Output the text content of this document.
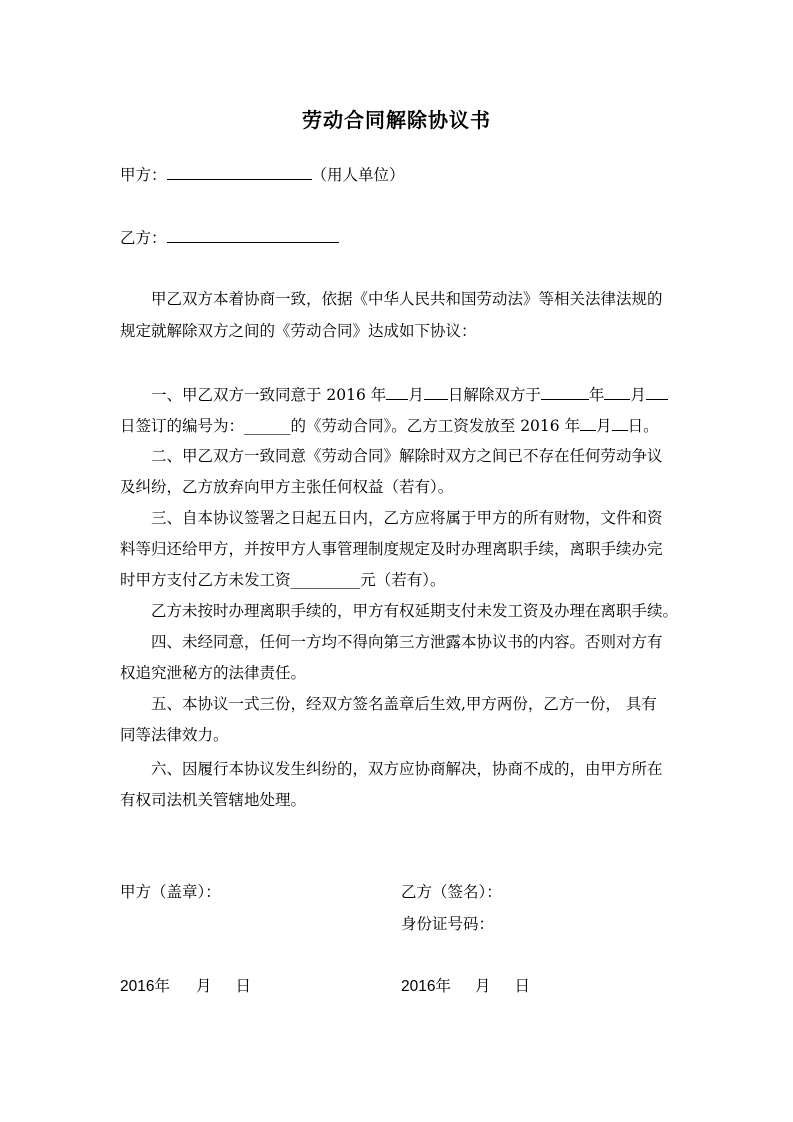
劳动合同解除协议书
甲方：	（用人单位）
乙方：
甲乙双方本着协商一致，依据《中华人民共和国劳动法》等相关法律法规的
规定就解除双方之间的《劳动合同》达成如下协议：
一、甲乙双方一致同意于 2016 年 月 日解除双方于	年 月
日签订的编号为：______的《劳动合同》。乙方工资发放至 2016 年 月 日。
二、甲乙双方一致同意《劳动合同》解除时双方之间已不存在任何劳动争议
及纠纷，乙方放弃向甲方主张任何权益（若有）。
三、自本协议签署之日起五日内，乙方应将属于甲方的所有财物，文件和资
料等归还给甲方，并按甲方人事管理制度规定及时办理离职手续，离职手续办完
时甲方支付乙方未发工资_________元（若有）。
乙方未按时办理离职手续的，甲方有权延期支付未发工资及办理在离职手续。
四、未经同意，任何一方均不得向第三方泄露本协议书的内容。否则对方有
权追究泄秘方的法律责任。
五、本协议一式三份，经双方签名盖章后生效,甲方两份，乙方一份， 具有
同等法律效力。
六、因履行本协议发生纠纷的，双方应协商解决，协商不成的，由甲方所在
有权司法机关管辖地处理。
甲方（盖章）：	乙方（签名）：
身份证号码：
2016年 月 日	2016年 月 日
